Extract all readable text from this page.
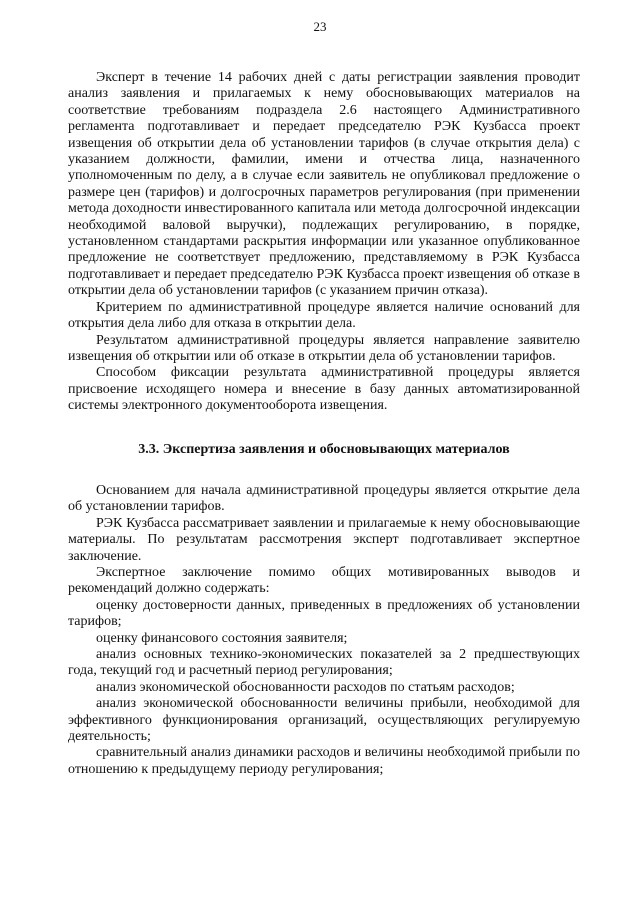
23

Эксперт в течение 14 рабочих дней с даты регистрации заявления проводит анализ заявления и прилагаемых к нему обосновывающих материалов на соответствие требованиям подраздела 2.6 настоящего Административного регламента подготавливает и передает председателю РЭК Кузбасса проект извещения об открытии дела об установлении тарифов (в случае открытия дела) с указанием должности, фамилии, имени и отчества лица, назначенного уполномоченным по делу, а в случае если заявитель не опубликовал предложение о размере цен (тарифов) и долгосрочных параметров регулирования (при применении метода доходности инвестированного капитала или метода долгосрочной индексации необходимой валовой выручки), подлежащих регулированию, в порядке, установленном стандартами раскрытия информации или указанное опубликованное предложение не соответствует предложению, представляемому в РЭК Кузбасса подготавливает и передает председателю РЭК Кузбасса проект извещения об отказе в открытии дела об установлении тарифов (с указанием причин отказа).

Критерием по административной процедуре является наличие оснований для открытия дела либо для отказа в открытии дела.

Результатом административной процедуры является направление заявителю извещения об открытии или об отказе в открытии дела об установлении тарифов.

Способом фиксации результата административной процедуры является присвоение исходящего номера и внесение в базу данных автоматизированной системы электронного документооборота извещения.

3.3. Экспертиза заявления и обосновывающих материалов

Основанием для начала административной процедуры является открытие дела об установлении тарифов.

РЭК Кузбасса рассматривает заявлении и прилагаемые к нему обосновывающие материалы. По результатам рассмотрения эксперт подготавливает экспертное заключение.

Экспертное заключение помимо общих мотивированных выводов и рекомендаций должно содержать:

оценку достоверности данных, приведенных в предложениях об установлении тарифов;

оценку финансового состояния заявителя;

анализ основных технико-экономических показателей за 2 предшествующих года, текущий год и расчетный период регулирования;

анализ экономической обоснованности расходов по статьям расходов;

анализ экономической обоснованности величины прибыли, необходимой для эффективного функционирования организаций, осуществляющих регулируемую деятельность;

сравнительный анализ динамики расходов и величины необходимой прибыли по отношению к предыдущему периоду регулирования;
